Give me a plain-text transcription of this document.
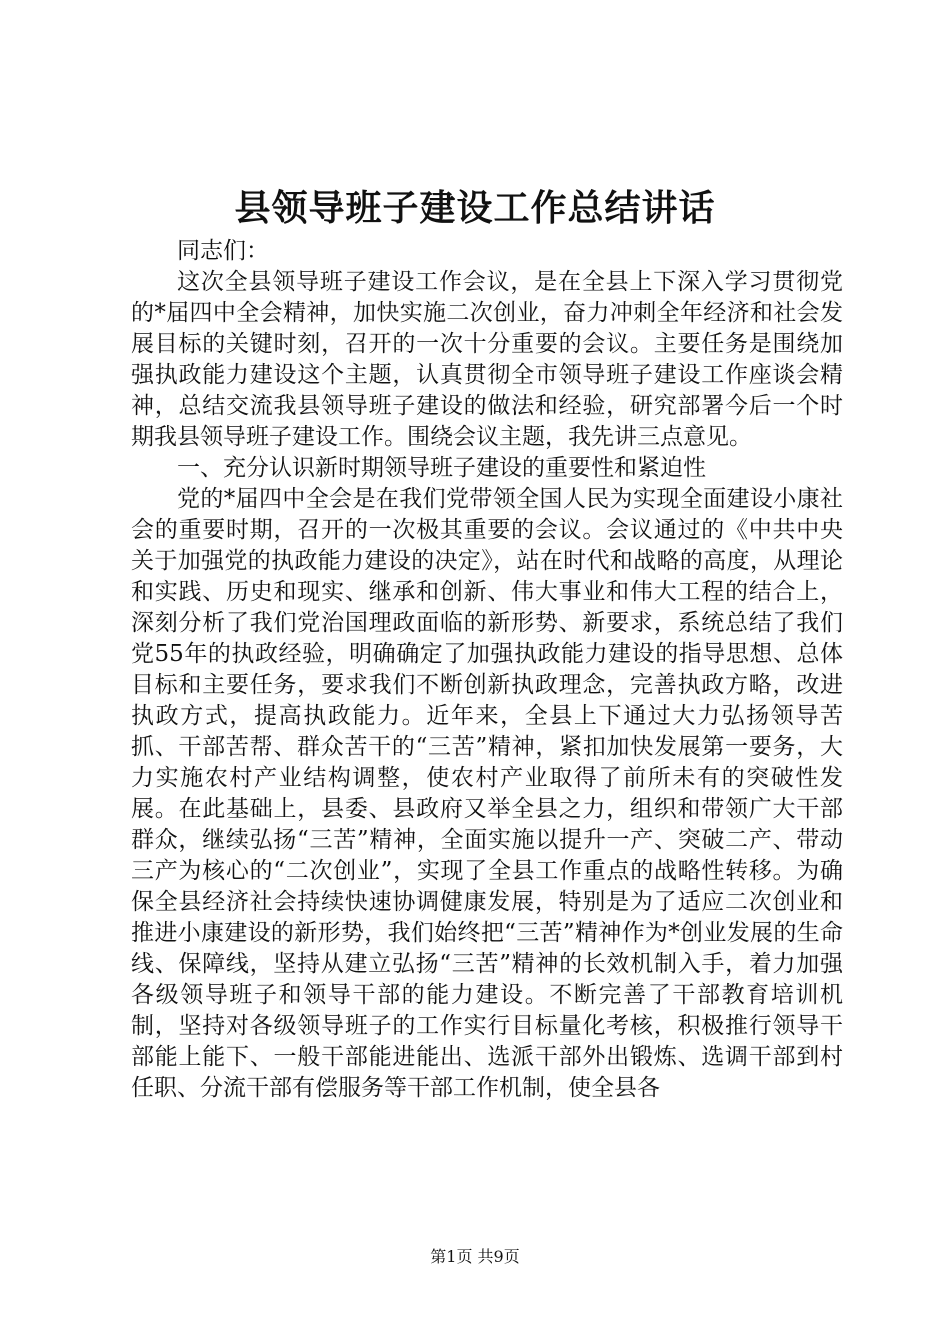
县领导班子建设工作总结讲话

同志们：

这次全县领导班子建设工作会议，是在全县上下深入学习贯彻党的*届四中全会精神，加快实施二次创业，奋力冲刺全年经济和社会发展目标的关键时刻，召开的一次十分重要的会议。主要任务是围绕加强执政能力建设这个主题，认真贯彻全市领导班子建设工作座谈会精神，总结交流我县领导班子建设的做法和经验，研究部署今后一个时期我县领导班子建设工作。围绕会议主题，我先讲三点意见。

一、充分认识新时期领导班子建设的重要性和紧迫性

党的*届四中全会是在我们党带领全国人民为实现全面建设小康社会的重要时期，召开的一次极其重要的会议。会议通过的《中共中央关于加强党的执政能力建设的决定》，站在时代和战略的高度，从理论和实践、历史和现实、继承和创新、伟大事业和伟大工程的结合上，深刻分析了我们党治国理政面临的新形势、新要求，系统总结了我们党55年的执政经验，明确确定了加强执政能力建设的指导思想、总体目标和主要任务，要求我们不断创新执政理念，完善执政方略，改进执政方式，提高执政能力。近年来，全县上下通过大力弘扬领导苦抓、干部苦帮、群众苦干的“三苦”精神，紧扣加快发展第一要务，大力实施农村产业结构调整，使农村产业取得了前所未有的突破性发展。在此基础上，县委、县政府又举全县之力，组织和带领广大干部群众，继续弘扬“三苦”精神，全面实施以提升一产、突破二产、带动三产为核心的“二次创业”，实现了全县工作重点的战略性转移。为确保全县经济社会持续快速协调健康发展，特别是为了适应二次创业和推进小康建设的新形势，我们始终把“三苦”精神作为*创业发展的生命线、保障线，坚持从建立弘扬“三苦”精神的长效机制入手，着力加强各级领导班子和领导干部的能力建设。不断完善了干部教育培训机制，坚持对各级领导班子的工作实行目标量化考核，积极推行领导干部能上能下、一般干部能进能出、选派干部外出锻炼、选调干部到村任职、分流干部有偿服务等干部工作机制，使全县各

第1页 共9页
